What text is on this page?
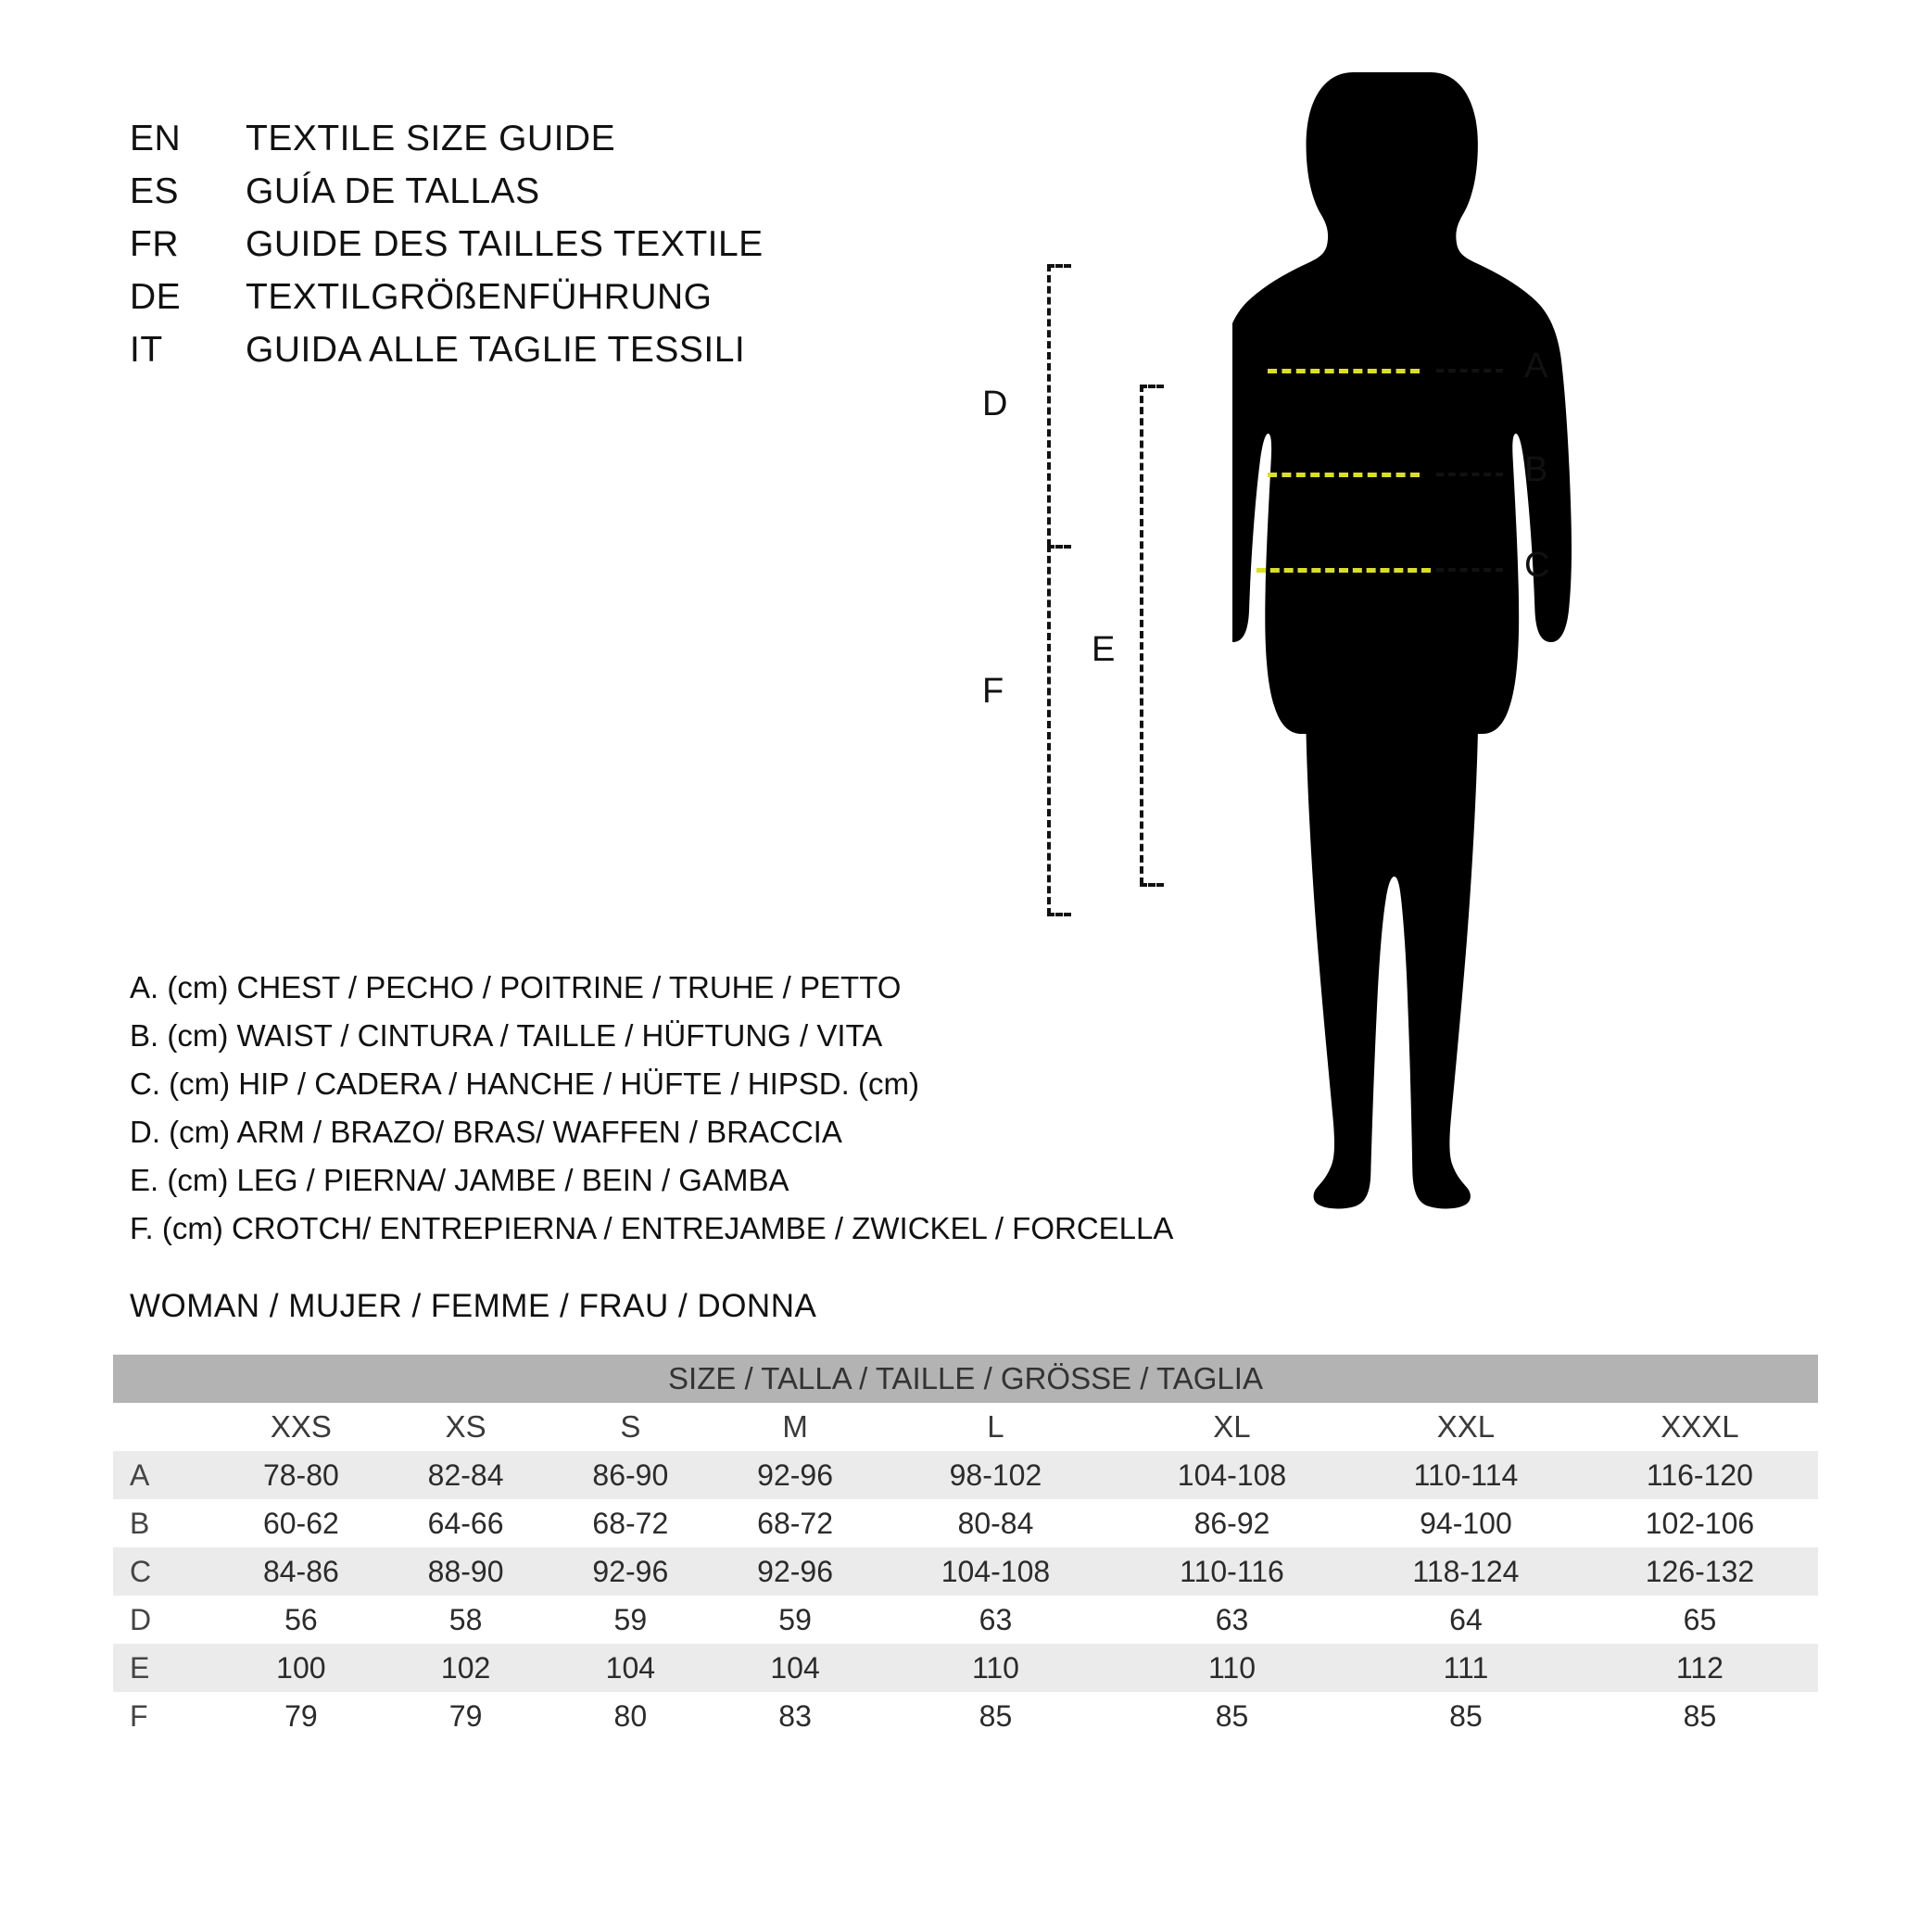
EN	TEXTILE SIZE GUIDE
ES	GUÍA DE TALLAS
FR	GUIDE DES TAILLES TEXTILE
DE	TEXTILGRÖßENFÜHRUNG
IT	GUIDA ALLE TAGLIE TESSILI	A
B
C
D
F
E
A. (cm) CHEST / PECHO / POITRINE / TRUHE / PETTO
B. (cm) WAIST / CINTURA / TAILLE / HÜFTUNG / VITA
C. (cm) HIP / CADERA / HANCHE / HÜFTE / HIPSD. (cm)
D. (cm) ARM / BRAZO/ BRAS/ WAFFEN / BRACCIA
E. (cm) LEG / PIERNA/ JAMBE / BEIN / GAMBA
F. (cm) CROTCH/ ENTREPIERNA / ENTREJAMBE / ZWICKEL / FORCELLA
WOMAN / MUJER / FEMME / FRAU / DONNA
SIZE / TALLA / TAILLE / GRÖSSE / TAGLIA								
	XXS	XS	S	M	L	XL	XXL	XXXL
A	78-80	82-84	86-90	92-96	98-102	104-108	110-114	116-120
B	60-62	64-66	68-72	68-72	80-84	86-92	94-100	102-106
C	84-86	88-90	92-96	92-96	104-108	110-116	118-124	126-132
D	56	58	59	59	63	63	64	65
E	100	102	104	104	110	110	111	112
F	79	79	80	83	85	85	85	85
